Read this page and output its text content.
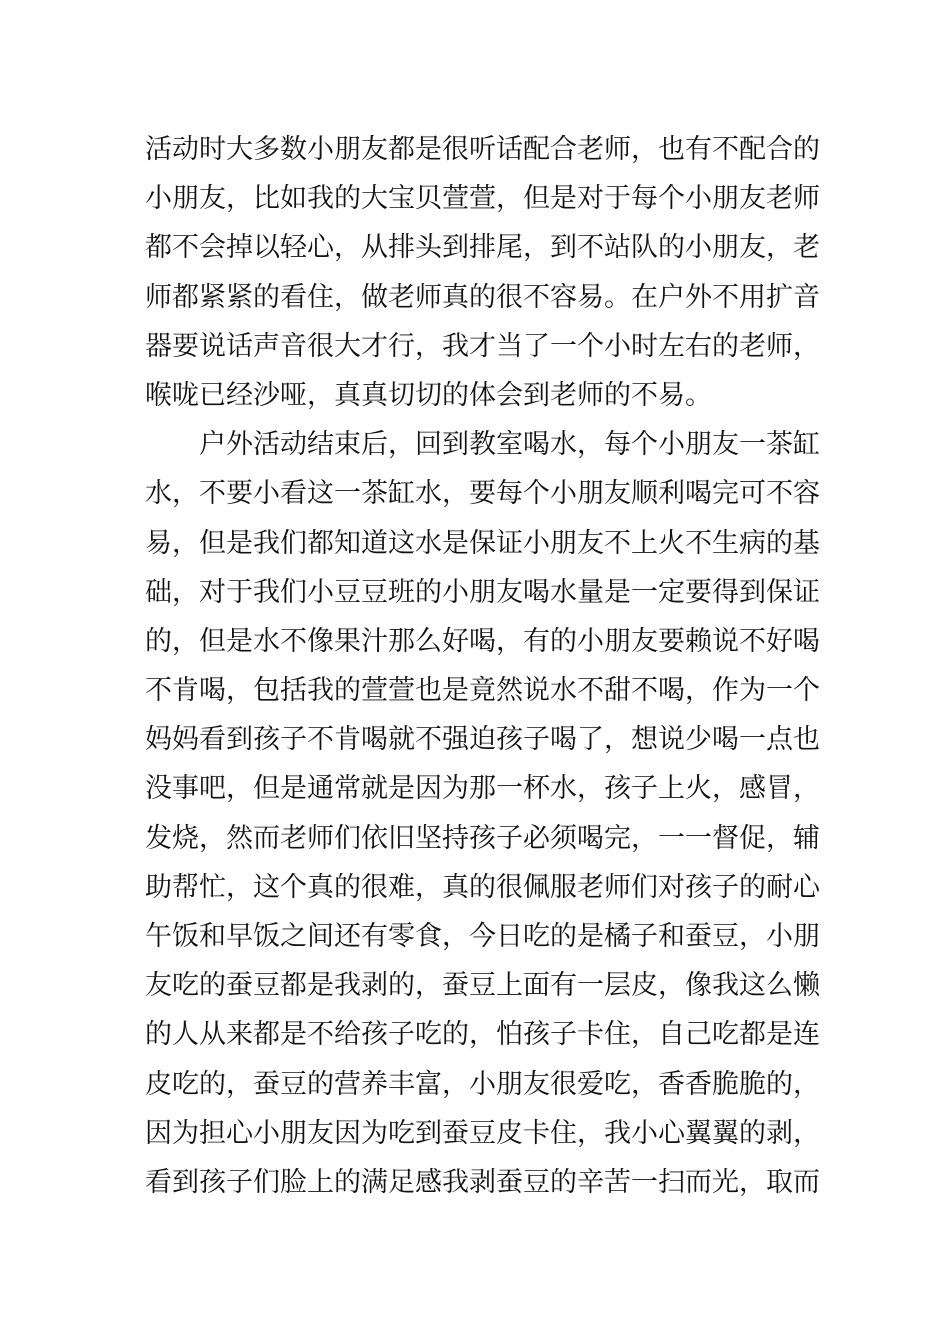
活动时大多数小朋友都是很听话配合老师，也有不配合的
小朋友，比如我的大宝贝萱萱，但是对于每个小朋友老师
都不会掉以轻心，从排头到排尾，到不站队的小朋友，老
师都紧紧的看住，做老师真的很不容易。在户外不用扩音
器要说话声音很大才行，我才当了一个小时左右的老师，
喉咙已经沙哑，真真切切的体会到老师的不易。
户外活动结束后，回到教室喝水，每个小朋友一茶缸
水，不要小看这一茶缸水，要每个小朋友顺利喝完可不容
易，但是我们都知道这水是保证小朋友不上火不生病的基
础，对于我们小豆豆班的小朋友喝水量是一定要得到保证
的，但是水不像果汁那么好喝，有的小朋友要赖说不好喝
不肯喝，包括我的萱萱也是竟然说水不甜不喝，作为一个
妈妈看到孩子不肯喝就不强迫孩子喝了，想说少喝一点也
没事吧，但是通常就是因为那一杯水，孩子上火，感冒，
发烧，然而老师们依旧坚持孩子必须喝完，一一督促，辅
助帮忙，这个真的很难，真的很佩服老师们对孩子的耐心
午饭和早饭之间还有零食，今日吃的是橘子和蚕豆，小朋
友吃的蚕豆都是我剥的，蚕豆上面有一层皮，像我这么懒
的人从来都是不给孩子吃的，怕孩子卡住，自己吃都是连
皮吃的，蚕豆的营养丰富，小朋友很爱吃，香香脆脆的，
因为担心小朋友因为吃到蚕豆皮卡住，我小心翼翼的剥，
看到孩子们脸上的满足感我剥蚕豆的辛苦一扫而光，取而
